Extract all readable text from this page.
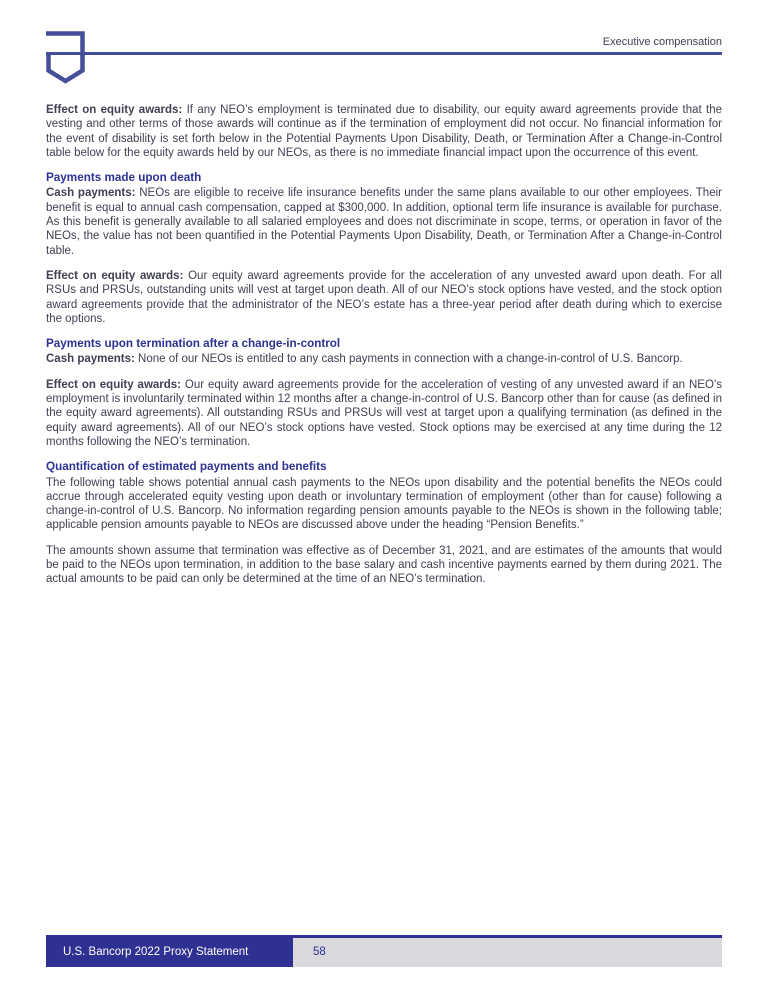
Executive compensation

Effect on equity awards: If any NEO’s employment is terminated due to disability, our equity award agreements provide that the vesting and other terms of those awards will continue as if the termination of employment did not occur. No financial information for the event of disability is set forth below in the Potential Payments Upon Disability, Death, or Termination After a Change-in-Control table below for the equity awards held by our NEOs, as there is no immediate financial impact upon the occurrence of this event.

Payments made upon death

Cash payments: NEOs are eligible to receive life insurance benefits under the same plans available to our other employees. Their benefit is equal to annual cash compensation, capped at $300,000. In addition, optional term life insurance is available for purchase. As this benefit is generally available to all salaried employees and does not discriminate in scope, terms, or operation in favor of the NEOs, the value has not been quantified in the Potential Payments Upon Disability, Death, or Termination After a Change-in-Control table.

Effect on equity awards: Our equity award agreements provide for the acceleration of any unvested award upon death. For all RSUs and PRSUs, outstanding units will vest at target upon death. All of our NEO’s stock options have vested, and the stock option award agreements provide that the administrator of the NEO’s estate has a three-year period after death during which to exercise the options.

Payments upon termination after a change-in-control

Cash payments: None of our NEOs is entitled to any cash payments in connection with a change-in-control of U.S. Bancorp.

Effect on equity awards: Our equity award agreements provide for the acceleration of vesting of any unvested award if an NEO’s employment is involuntarily terminated within 12 months after a change-in-control of U.S. Bancorp other than for cause (as defined in the equity award agreements). All outstanding RSUs and PRSUs will vest at target upon a qualifying termination (as defined in the equity award agreements). All of our NEO’s stock options have vested. Stock options may be exercised at any time during the 12 months following the NEO’s termination.

Quantification of estimated payments and benefits

The following table shows potential annual cash payments to the NEOs upon disability and the potential benefits the NEOs could accrue through accelerated equity vesting upon death or involuntary termination of employment (other than for cause) following a change-in-control of U.S. Bancorp. No information regarding pension amounts payable to the NEOs is shown in the following table; applicable pension amounts payable to NEOs are discussed above under the heading “Pension Benefits.”

The amounts shown assume that termination was effective as of December 31, 2021, and are estimates of the amounts that would be paid to the NEOs upon termination, in addition to the base salary and cash incentive payments earned by them during 2021. The actual amounts to be paid can only be determined at the time of an NEO’s termination.

U.S. Bancorp 2022 Proxy Statement	58
